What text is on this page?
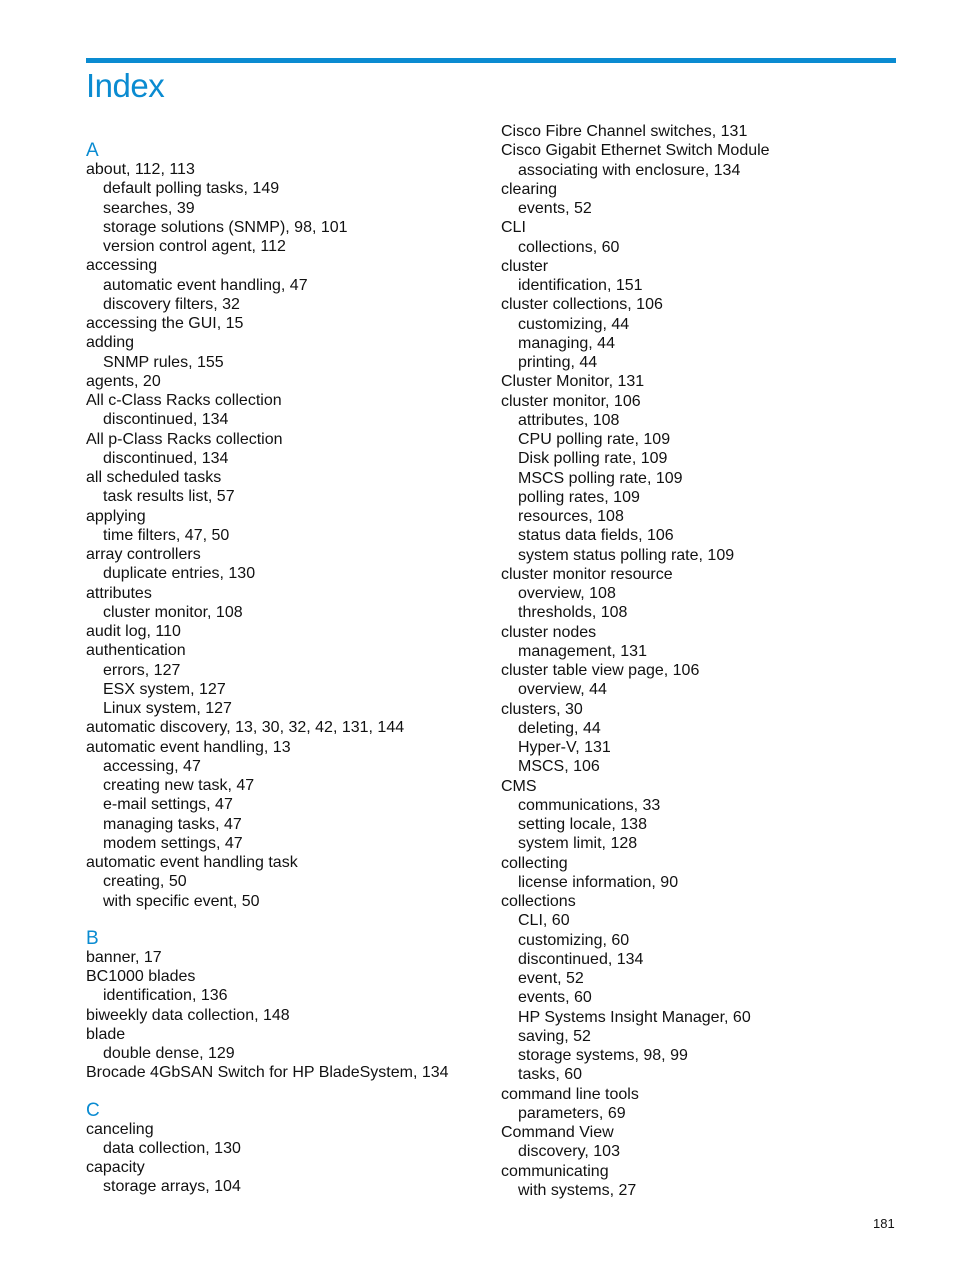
Index
A
about, 112, 113
default polling tasks, 149
searches, 39
storage solutions (SNMP), 98, 101
version control agent, 112
accessing
automatic event handling, 47
discovery filters, 32
accessing the GUI, 15
adding
SNMP rules, 155
agents, 20
All c-Class Racks collection
discontinued, 134
All p-Class Racks collection
discontinued, 134
all scheduled tasks
task results list, 57
applying
time filters, 47, 50
array controllers
duplicate entries, 130
attributes
cluster monitor, 108
audit log, 110
authentication
errors, 127
ESX system, 127
Linux system, 127
automatic discovery, 13, 30, 32, 42, 131, 144
automatic event handling, 13
accessing, 47
creating new task, 47
e-mail settings, 47
managing tasks, 47
modem settings, 47
automatic event handling task
creating, 50
with specific event, 50
B
banner, 17
BC1000 blades
identification, 136
biweekly data collection, 148
blade
double dense, 129
Brocade 4GbSAN Switch for HP BladeSystem, 134
C
canceling
data collection, 130
capacity
storage arrays, 104
Cisco Fibre Channel switches, 131
Cisco Gigabit Ethernet Switch Module
associating with enclosure, 134
clearing
events, 52
CLI
collections, 60
cluster
identification, 151
cluster collections, 106
customizing, 44
managing, 44
printing, 44
Cluster Monitor, 131
cluster monitor, 106
attributes, 108
CPU polling rate, 109
Disk polling rate, 109
MSCS polling rate, 109
polling rates, 109
resources, 108
status data fields, 106
system status polling rate, 109
cluster monitor resource
overview, 108
thresholds, 108
cluster nodes
management, 131
cluster table view page, 106
overview, 44
clusters, 30
deleting, 44
Hyper-V, 131
MSCS, 106
CMS
communications, 33
setting locale, 138
system limit, 128
collecting
license information, 90
collections
CLI, 60
customizing, 60
discontinued, 134
event, 52
events, 60
HP Systems Insight Manager, 60
saving, 52
storage systems, 98, 99
tasks, 60
command line tools
parameters, 69
Command View
discovery, 103
communicating
with systems, 27
181
